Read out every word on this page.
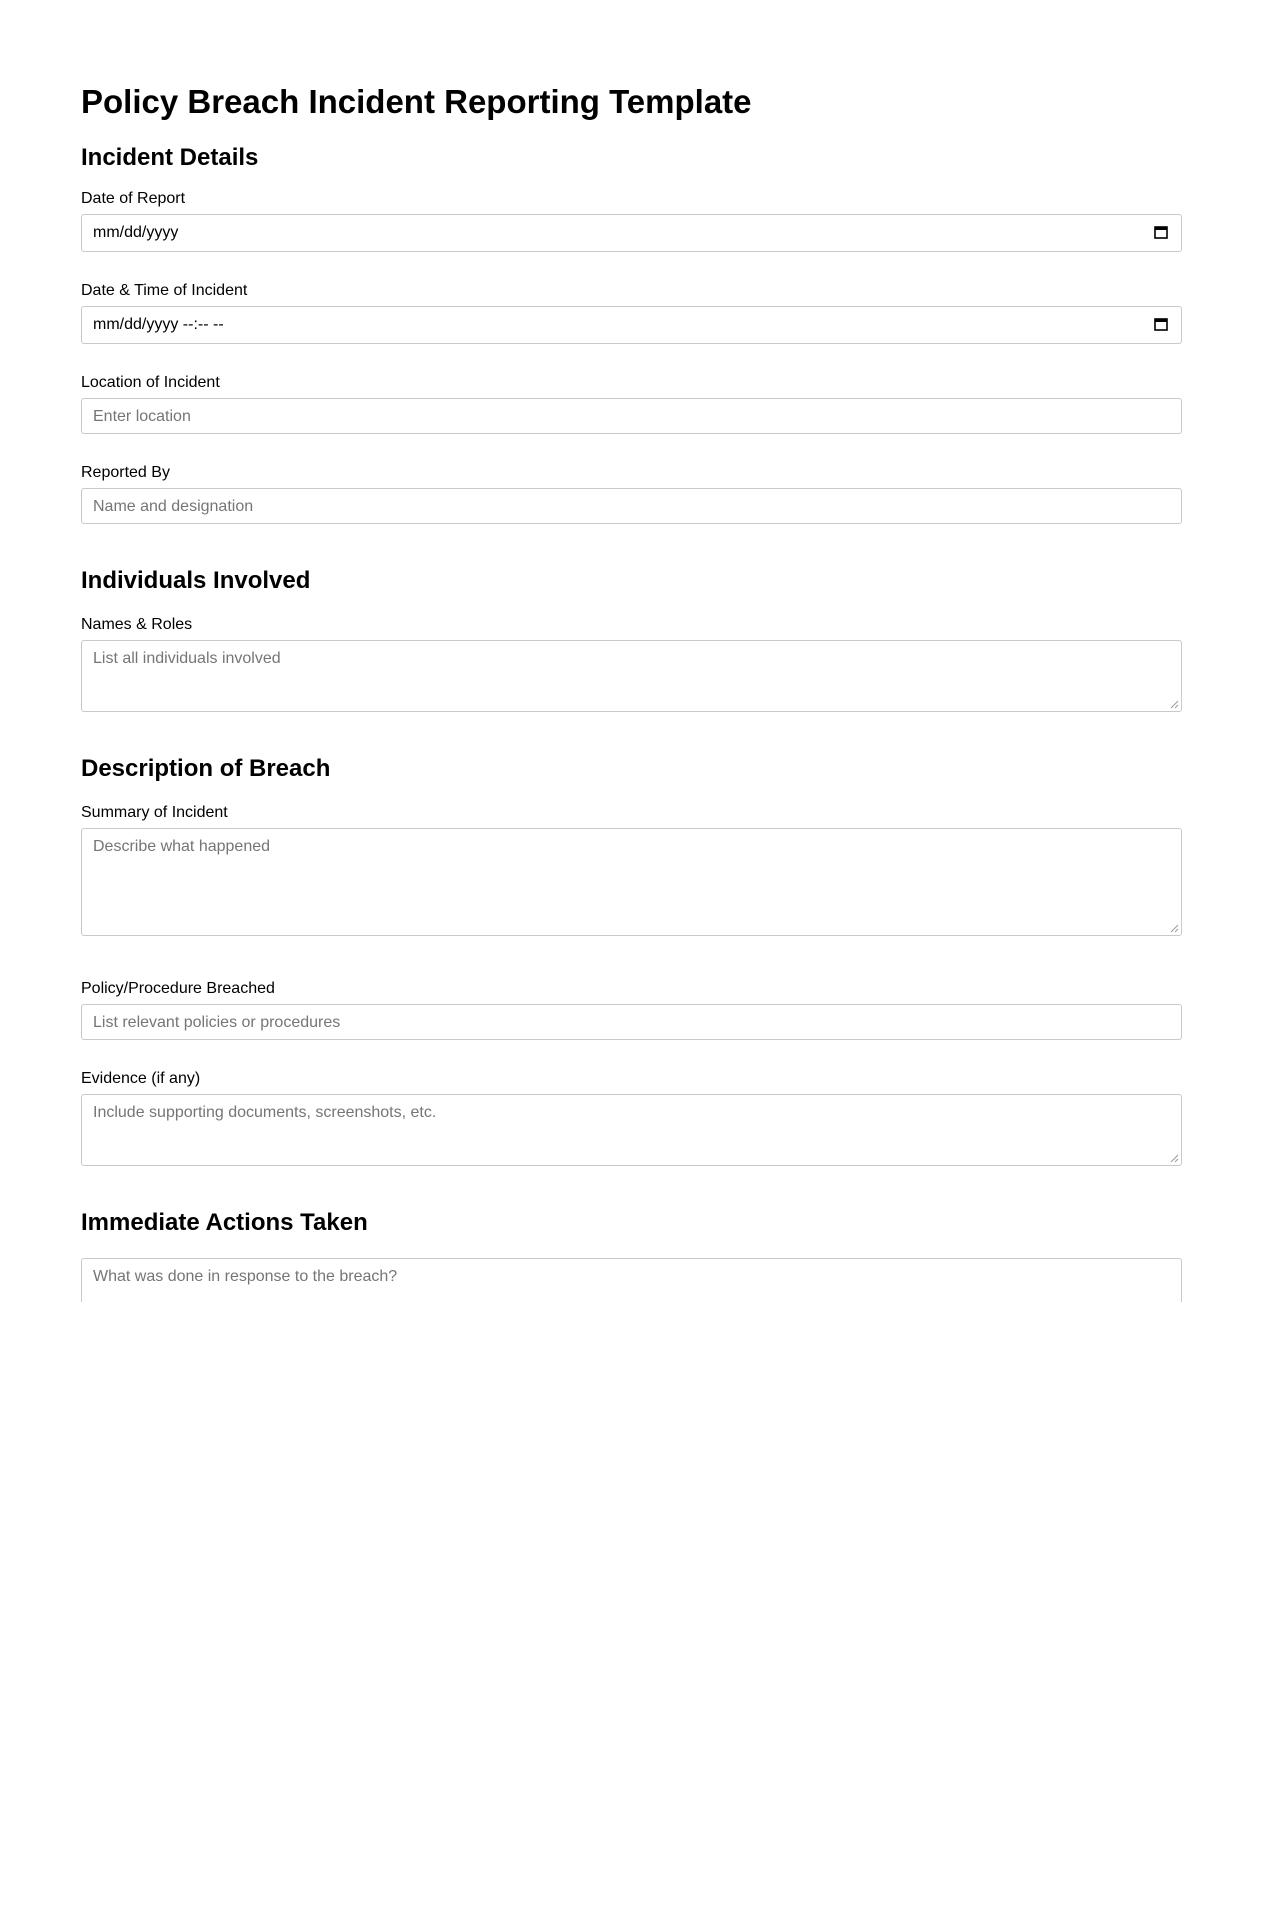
Policy Breach Incident Reporting Template
Incident Details
Date of Report
mm/dd/yyyy
Date & Time of Incident
mm/dd/yyyy --:-- --
Location of Incident
Enter location
Reported By
Name and designation
Individuals Involved
Names & Roles
List all individuals involved
Description of Breach
Summary of Incident
Describe what happened
Policy/Procedure Breached
List relevant policies or procedures
Evidence (if any)
Include supporting documents, screenshots, etc.
Immediate Actions Taken
What was done in response to the breach?
